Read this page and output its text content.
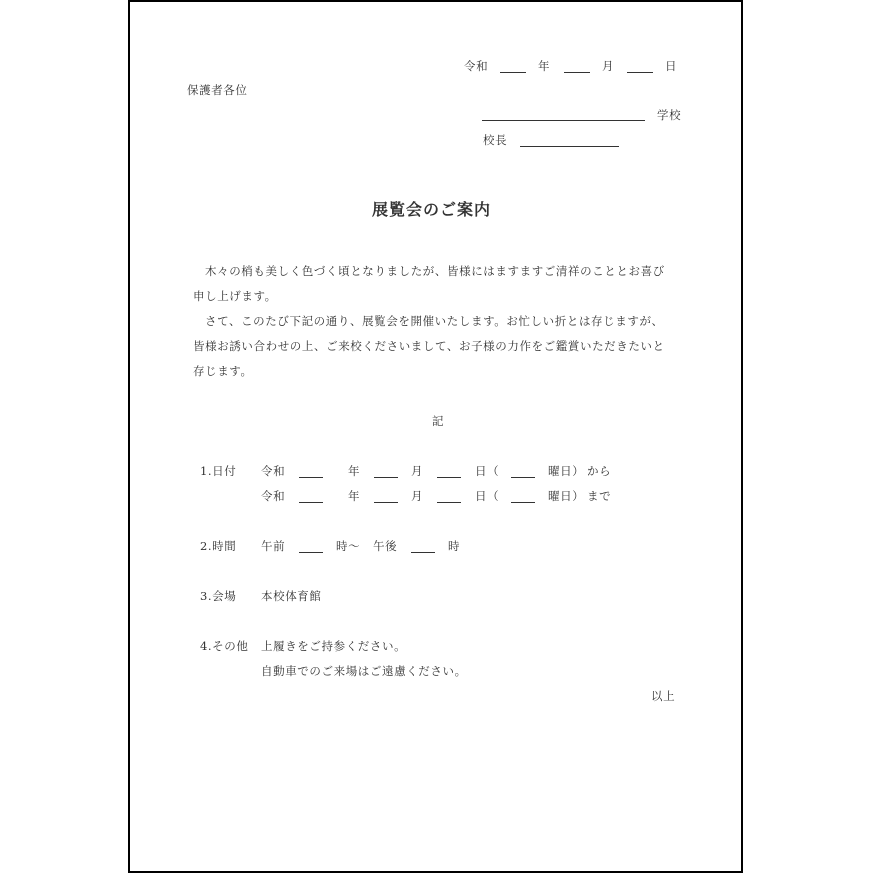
令和	年	月	日
保護者各位
学校
校長
展覧会のご案内
木々の梢も美しく色づく頃となりましたが、皆様にはますますご清祥のこととお喜び
申し上げます。
さて、このたび下記の通り、展覧会を開催いたします。お忙しい折とは存じますが、
皆様お誘い合わせの上、ご来校くださいまして、お子様の力作をご鑑賞いただきたいと
存じます。
記
1.日付 令和	年	月	日（	曜日） から
令和	年	月	日（	曜日） まで
2.時間 午前	時～ 午後	時
3.会場 本校体育館
4.その他 上履きをご持参ください。
自動車でのご来場はご遠慮ください。
以上
